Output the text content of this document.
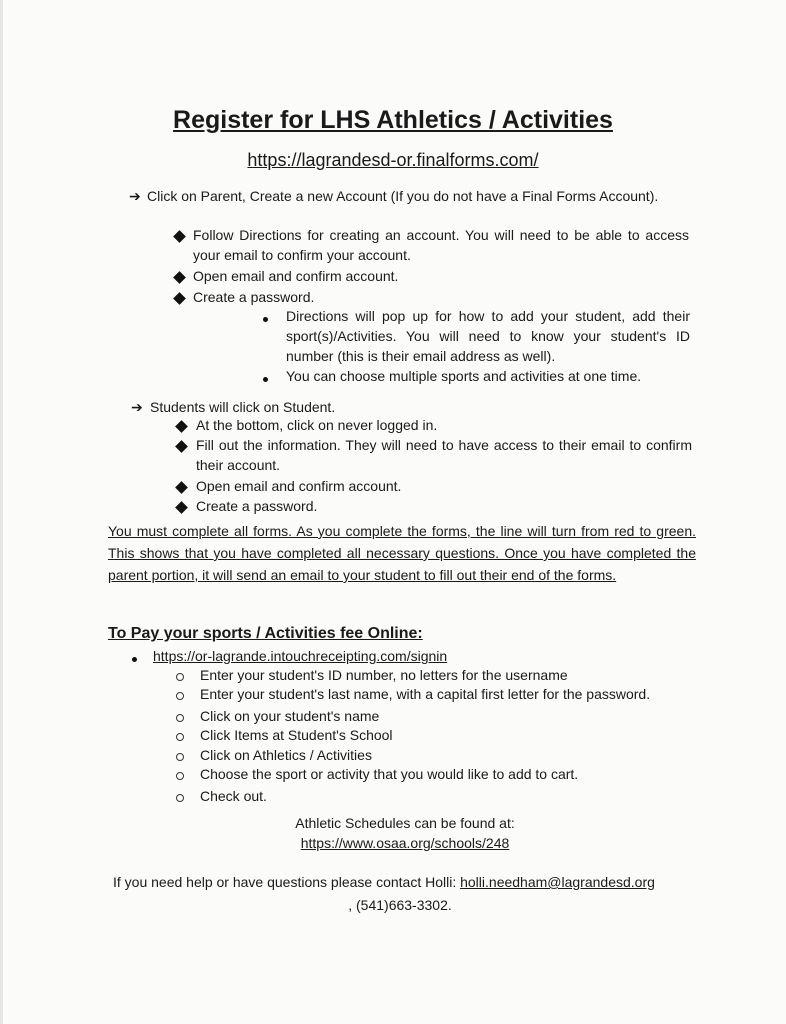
Register for LHS Athletics / Activities
https://lagrandesd-or.finalforms.com/
➔ Click on Parent, Create a new Account (If you do not have a Final Forms Account).
Follow Directions for creating an account. You will need to be able to access your email to confirm your account.
Open email and confirm account.
Create a password.
Directions will pop up for how to add your student, add their sport(s)/Activities. You will need to know your student's ID number (this is their email address as well).
You can choose multiple sports and activities at one time.
➔ Students will click on Student.
At the bottom, click on never logged in.
Fill out the information. They will need to have access to their email to confirm their account.
Open email and confirm account.
Create a password.
You must complete all forms. As you complete the forms, the line will turn from red to green. This shows that you have completed all necessary questions. Once you have completed the parent portion, it will send an email to your student to fill out their end of the forms.
To Pay your sports / Activities fee Online:
https://or-lagrande.intouchreceipting.com/signin
Enter your student's ID number, no letters for the username
Enter your student's last name, with a capital first letter for the password.
Click on your student's name
Click Items at Student's School
Click on Athletics / Activities
Choose the sport or activity that you would like to add to cart.
Check out.
Athletic Schedules can be found at:
https://www.osaa.org/schools/248
If you need help or have questions please contact Holli: holli.needham@lagrandesd.org
, (541)663-3302.
